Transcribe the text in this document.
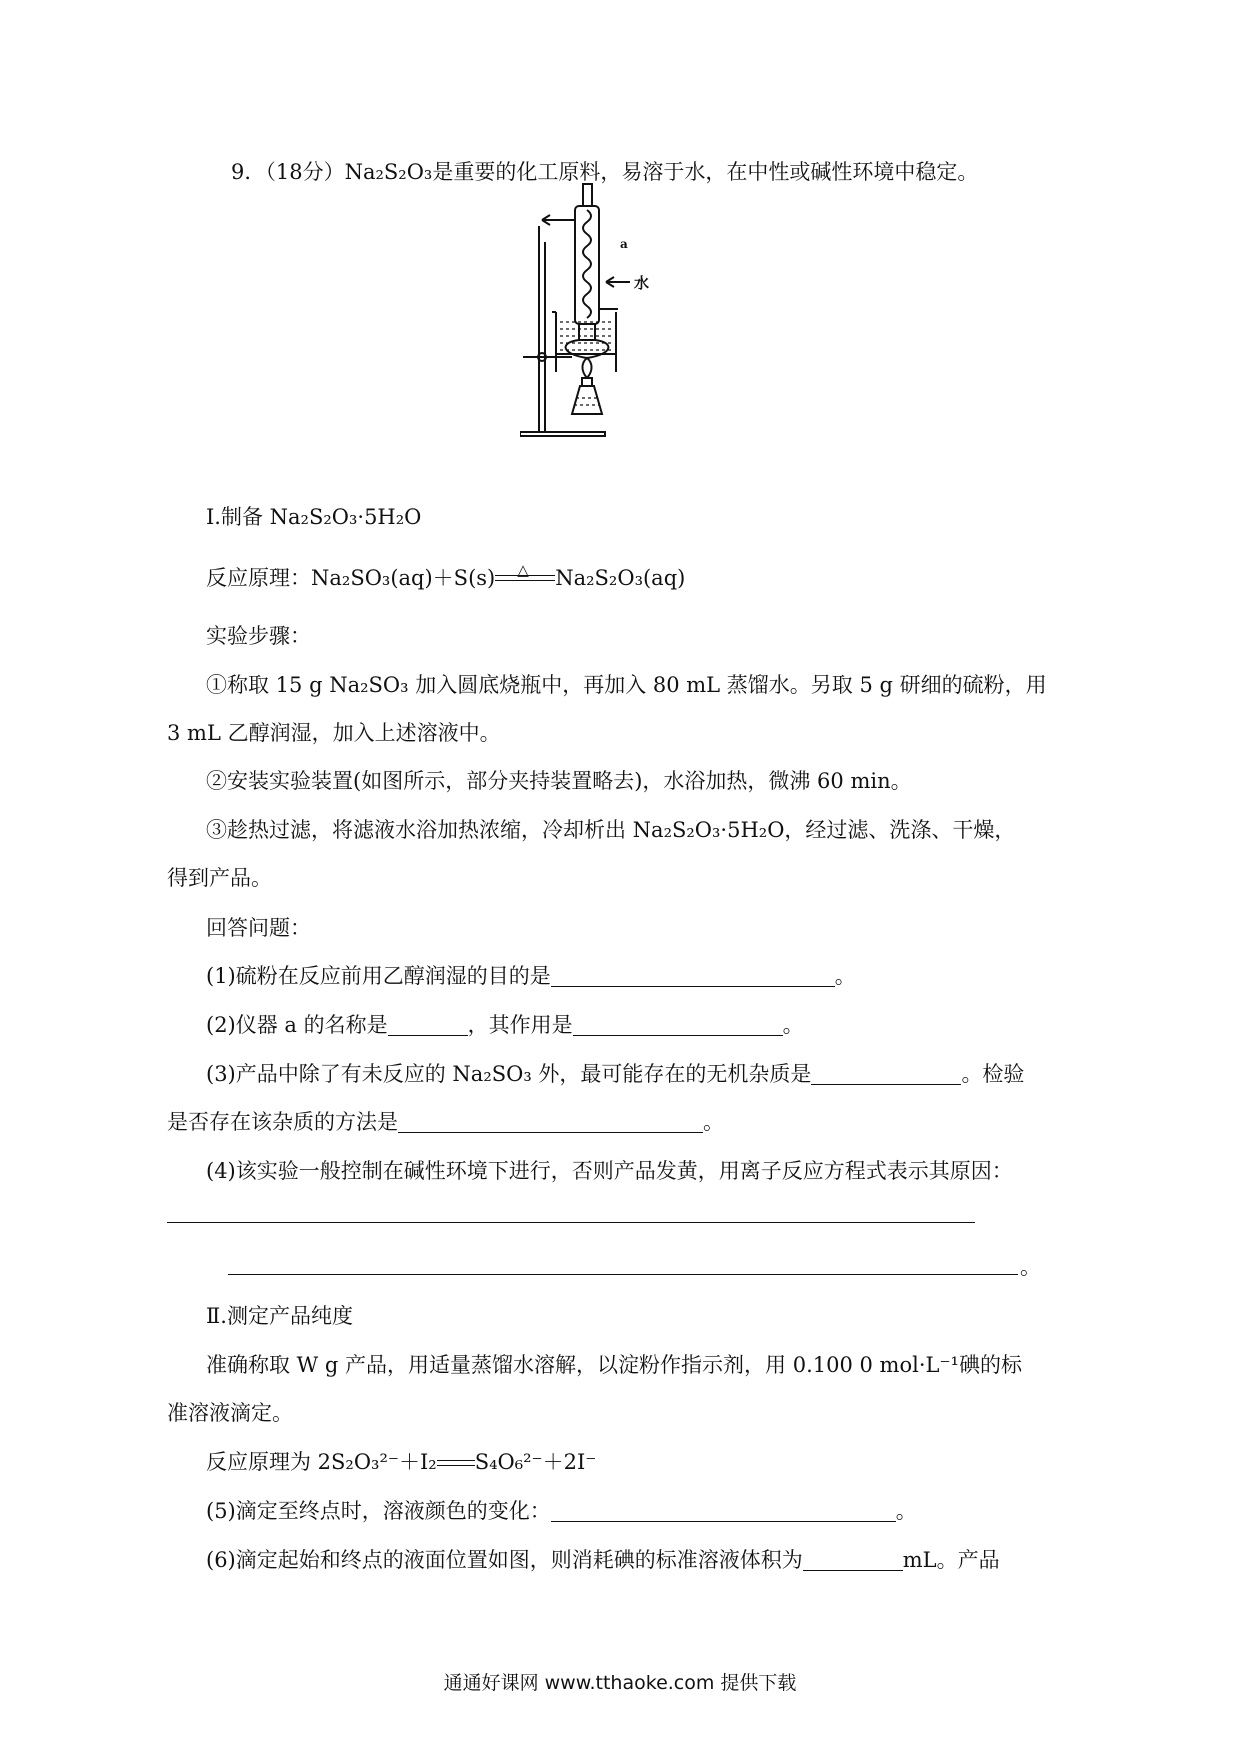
9．（18分）Na₂S₂O₃是重要的化工原料，易溶于水，在中性或碱性环境中稳定。
a
水
Ⅰ.制备 Na₂S₂O₃·5H₂O
反应原理：Na₂SO₃(aq)＋S(s) △ Na₂S₂O₃(aq)
实验步骤：
①称取 15 g Na₂SO₃ 加入圆底烧瓶中，再加入 80 mL 蒸馏水。另取 5 g 研细的硫粉，用
3 mL 乙醇润湿，加入上述溶液中。
②安装实验装置(如图所示，部分夹持装置略去)，水浴加热，微沸 60 min。
③趁热过滤，将滤液水浴加热浓缩，冷却析出 Na₂S₂O₃·5H₂O，经过滤、洗涤、干燥，
得到产品。
回答问题：
(1)硫粉在反应前用乙醇润湿的目的是	。
(2)仪器 a 的名称是	，其作用是	。
(3)产品中除了有未反应的 Na₂SO₃ 外，最可能存在的无机杂质是	。检验
是否存在该杂质的方法是	。
(4)该实验一般控制在碱性环境下进行，否则产品发黄，用离子反应方程式表示其原因：
。
Ⅱ.测定产品纯度
准确称取 W g 产品，用适量蒸馏水溶解，以淀粉作指示剂，用 0.100 0 mol·L⁻¹碘的标
准溶液滴定。
反应原理为 2S₂O₃²⁻＋I₂ S₄O₆²⁻＋2I⁻
(5)滴定至终点时，溶液颜色的变化：	。
(6)滴定起始和终点的液面位置如图，则消耗碘的标准溶液体积为	mL。产品
通通好课网 www.tthaoke.com 提供下载
